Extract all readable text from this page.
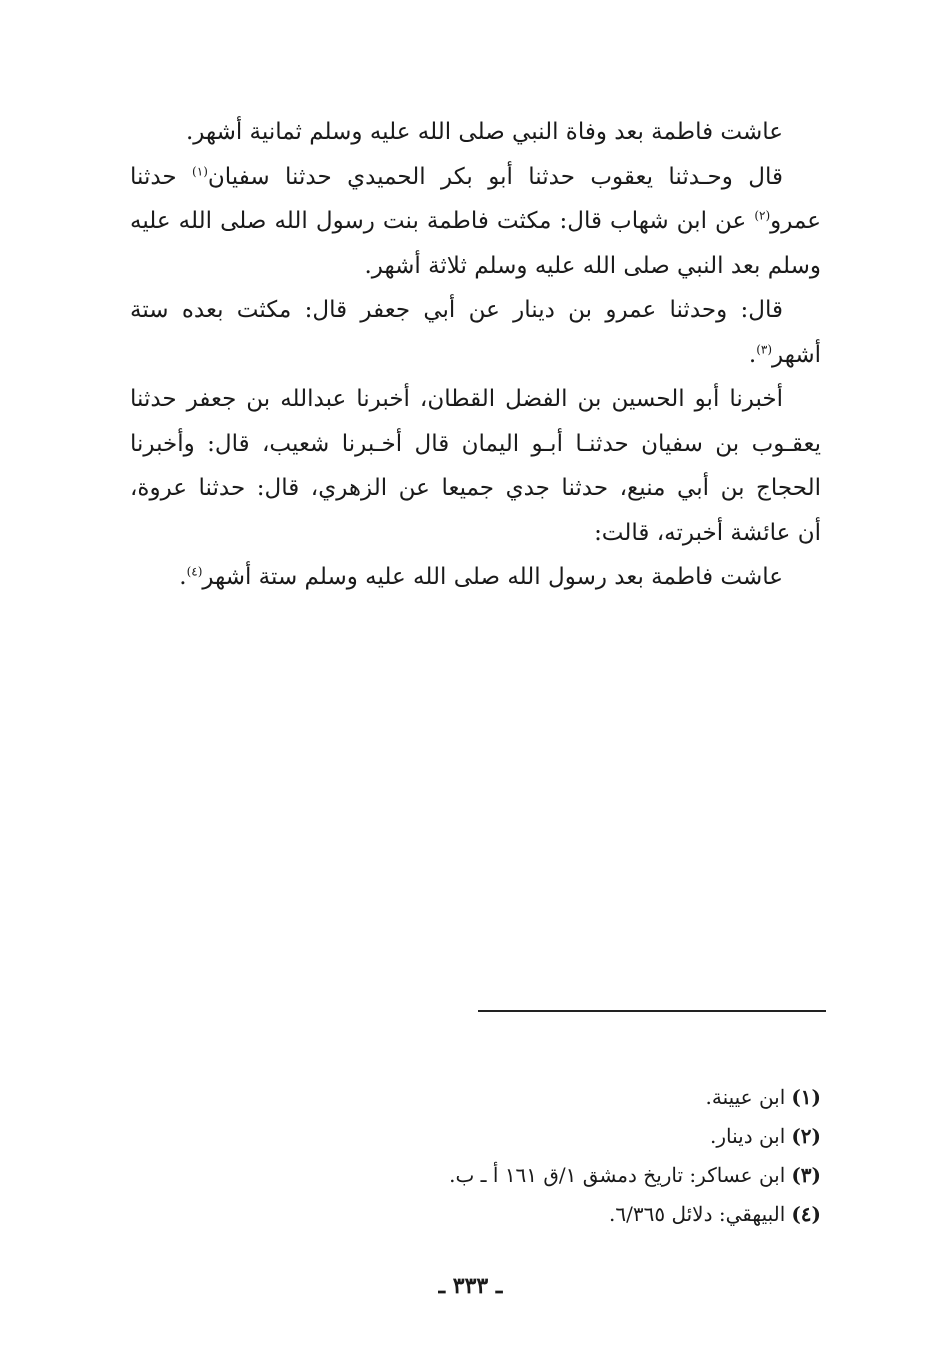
عاشت فاطمة بعد وفاة النبي صلى الله عليه وسلم ثمانية أشهر.

قال وحـدثنا يعقوب حدثنا أبو بكر الحميدي حدثنا سفيان$^{(١)}$ حدثنا
عمرو$^{(٢)}$ عن ابن شهاب قال: مكثت فاطمة بنت رسول الله صلى الله عليه
وسلم بعد النبي صلى الله عليه وسلم ثلاثة أشهر.

قال: وحدثنا عمرو بن دينار عن أبي جعفر قال: مكثت بعده ستة
أشهر$^{(٣)}$.

أخبرنا أبو الحسين بن الفضل القطان، أخبرنا عبدالله بن جعفر حدثنا
يعقـوب بن سفيان حدثنـا أبـو اليمان قال أخـبرنا شعيب، قال: وأخبرنا
الحجاج بن أبي منيع، حدثنا جدي جميعا عن الزهري، قال: حدثنا عروة،
أن عائشة أخبرته، قالت:

عاشت فاطمة بعد رسول الله صلى الله عليه وسلم ستة أشهر$^{(٤)}$.

(١)ابن عيينة.
(٢)ابن دينار.
(٣)ابن عساكر: تاريخ دمشق ١/ق ١٦١ أ ـ ب.
(٤)البيهقي: دلائل ٦/٣٦٥.
ـ ٣٣٣ ـ
